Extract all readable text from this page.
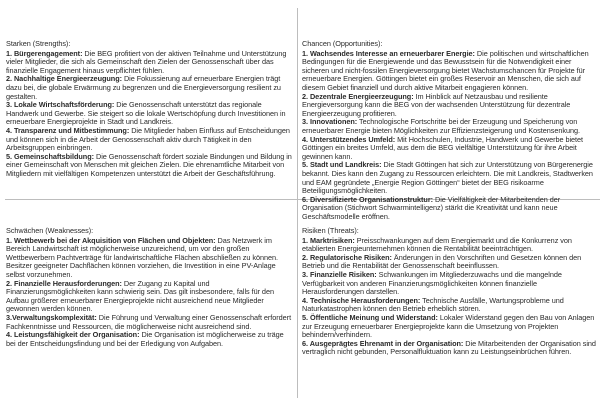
Starken (Strengths):

1. Bürgerengagement: Die BEG profitiert von der aktiven Teilnahme und Unterstützung vieler Mitglieder, die sich als Gemeinschaft den Zielen der Genossenschaft über das finanzielle Engagement hinaus verpflichtet fühlen.

2. Nachhaltige Energieerzeugung: Die Fokussierung auf erneuerbare Energien trägt dazu bei, die globale Erwärmung zu begrenzen und die Energieversorgung resilient zu gestalten.

3. Lokale Wirtschaftsförderung: Die Genossenschaft unterstützt das regionale Handwerk und Gewerbe. Sie steigert so die lokale Wertschöpfung durch Investitionen in erneuerbare Energieprojekte in Stadt und Landkreis.

4. Transparenz und Mitbestimmung: Die Mitglieder haben Einfluss auf Entscheidungen und können sich in die Arbeit der Genossenschaft aktiv durch Tätigkeit in den Arbeitsgruppen einbringen.

5. Gemeinschaftsbildung: Die Genossenschaft fördert soziale Bindungen und Bildung in einer Gemeinschaft von Menschen mit gleichen Zielen. Die ehrenamtliche Mitarbeit von Mitgliedern mit vielfältigen Kompetenzen unterstützt die Arbeit der Geschäftsführung.

Chancen (Opportunities):

1. Wachsendes Interesse an erneuerbarer Energie: Die politischen und wirtschaftlichen Bedingungen für die Energiewende und das Bewusstsein für die Notwendigkeit einer sicheren und nicht-fossilen Energieversorgung bietet Wachstumschancen für Projekte für erneuerbare Energien. Göttingen bietet ein großes Reservoir an Menschen, die sich auf diesem Gebiet finanziell und durch aktive Mitarbeit engagieren können.

2. Dezentrale Energieerzeugung: Im Hinblick auf Netzausbau und resiliente Energieversorgung kann die BEG von der wachsenden Unterstützung für dezentrale Energieerzeugung profitieren.

3. Innovationen: Technologische Fortschritte bei der Erzeugung und Speicherung von erneuerbarer Energie bieten Möglichkeiten zur Effizienzsteigerung und Kostensenkung.

4. Unterstützendes Umfeld: Mit Hochschulen, Industrie, Handwerk und Gewerbe bietet Göttingen ein breites Umfeld, aus dem die BEG vielfältige Unterstützung für ihre Arbeit gewinnen kann.

5. Stadt und Landkreis: Die Stadt Göttingen hat sich zur Unterstützung von Bürgerenergie bekannt. Dies kann den Zugang zu Ressourcen erleichtern. Die mit Landkreis, Stadtwerken und EAM gegründete „Energie Region Göttingen“ bietet der BEG risikoarme Beteiligungsmöglichkeiten.

6. Diversifizierte Organisationstruktur: Die Vielfältigkeit der Mitarbeitenden der Organisation (Stichwort Schwarmintelligenz) stärkt die Kreativität und kann neue Geschäftsmodelle eröffnen.

Schwächen (Weaknesses):

1. Wettbewerb bei der Akquisition von Flächen und Objekten: Das Netzwerk im Bereich Landwirtschaft ist möglicherweise unzureichend, um vor den großen Wettbewerbern Pachtverträge für landwirtschaftliche Flächen abschließen zu können. Besitzer geeigneter Dachflächen können vorziehen, die Investition in eine PV-Anlage selbst vorzunehmen.

2. Finanzielle Herausforderungen: Der Zugang zu Kapital und Finanzierungsmöglichkeiten kann schwierig sein. Das gilt insbesondere, falls für den Aufbau größerer erneuerbarer Energieprojekte nicht ausreichend neue Mitglieder gewonnen werden können.

3.Verwaltungskomplexität: Die Führung und Verwaltung einer Genossenschaft erfordert Fachkenntnisse und Ressourcen, die möglicherweise nicht ausreichend sind.

4. Leistungsfähigkeit der Organisation: Die Organisation ist möglicherweise zu träge bei der Entscheidungsfindung und bei der Erledigung von Aufgaben.

Risiken (Threats):

1. Marktrisiken: Preisschwankungen auf dem Energiemarkt und die Konkurrenz von etablierten Energieunternehmen können die Rentabilität beeinträchtigen.

2. Regulatorische Risiken: Änderungen in den Vorschriften und Gesetzen können den Betrieb und die Rentabilität der Genossenschaft beeinflussen.

3. Finanzielle Risiken: Schwankungen im Mitgliederzuwachs und die mangelnde Verfügbarkeit von anderen Finanzierungsmöglichkeiten können finanzielle Herausforderungen darstellen.

4. Technische Herausforderungen: Technische Ausfälle, Wartungsprobleme und Naturkatastrophen können den Betrieb erheblich stören.

5. Öffentliche Meinung und Widerstand: Lokaler Widerstand gegen den Bau von Anlagen zur Erzeugung erneuerbarer Energieprojekte kann die Umsetzung von Projekten behindern/verhindern.

6. Ausgeprägtes Ehrenamt in der Organisation: Die Mitarbeitenden der Organisation sind vertraglich nicht gebunden, Personalfluktuation kann zu Leistungseinbrüchen führen.
